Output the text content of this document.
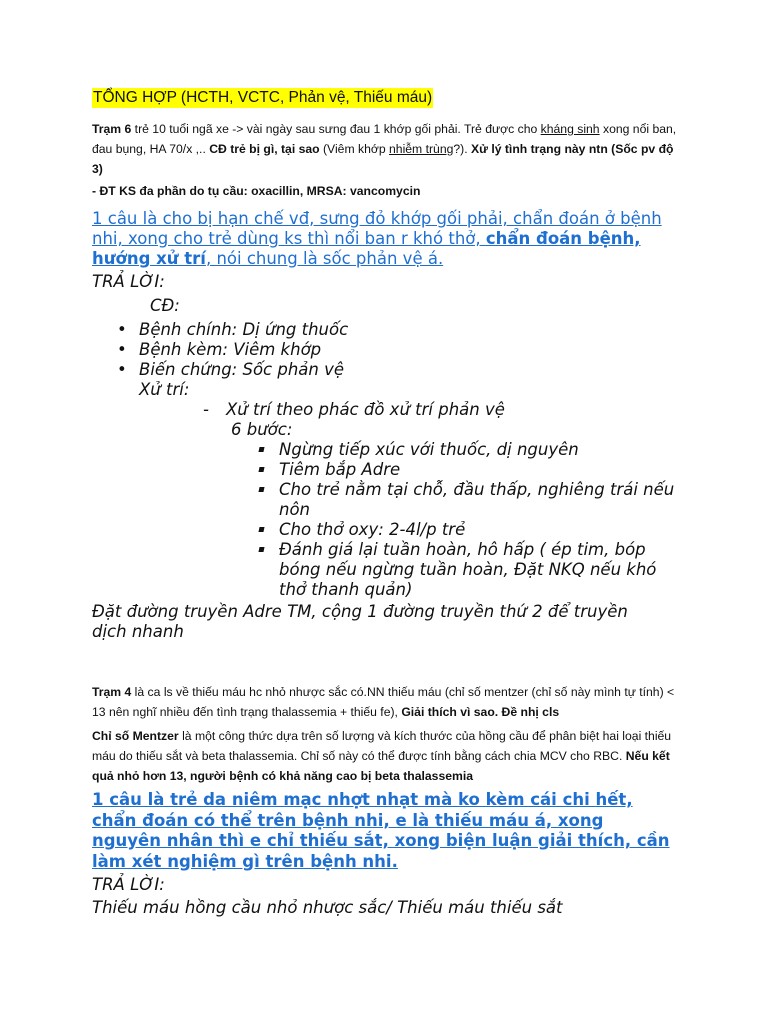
TỔNG HỢP (HCTH, VCTC, Phản vệ, Thiếu máu)
Trạm 6 trẻ 10 tuổi ngã xe -> vài ngày sau sưng đau 1 khớp gối phải. Trẻ được cho kháng sinh xong nổi ban, đau bụng, HA 70/x ,.. CĐ trẻ bị gì, tại sao (Viêm khớp nhiễm trùng?). Xử lý tình trạng này ntn (Sốc pv độ 3)
- ĐT KS đa phần do tụ cầu: oxacillin, MRSA: vancomycin
1 câu là cho bị hạn chế vđ, sưng đỏ khớp gối phải, chẩn đoán ở bệnh nhi, xong cho trẻ dùng ks thì nổi ban r khó thở, chẩn đoán bệnh, hướng xử trí, nói chung là sốc phản vệ á.
TRẢ LỜI:
CĐ:
• Bệnh chính: Dị ứng thuốc
• Bệnh kèm: Viêm khớp
• Biến chứng: Sốc phản vệ
Xử trí:
- Xử trí theo phác đồ xử trí phản vệ
6 bước:
Ngừng tiếp xúc với thuốc, dị nguyên
Tiêm bắp Adre
Cho trẻ nằm tại chỗ, đầu thấp, nghiêng trái nếu nôn
Cho thở oxy: 2-4l/p trẻ
Đánh giá lại tuần hoàn, hô hấp ( ép tim, bóp bóng nếu ngừng tuần hoàn, Đặt NKQ nếu khó thở thanh quản)
Đặt đường truyền Adre TM, cộng 1 đường truyền thứ 2 để truyền dịch nhanh
Trạm 4 là ca ls về thiếu máu hc nhỏ nhược sắc có.NN thiếu máu (chỉ số mentzer (chỉ số này mình tự tính) < 13 nên nghĩ nhiều đến tình trạng thalassemia + thiếu fe), Giải thích vì sao. Đề nhị cls
Chỉ số Mentzer là một công thức dựa trên số lượng và kích thước của hồng cầu để phân biệt hai loại thiếu máu do thiếu sắt và beta thalassemia. Chỉ số này có thể được tính bằng cách chia MCV cho RBC. Nếu kết quả nhỏ hơn 13, người bệnh có khả năng cao bị beta thalassemia
1 câu là trẻ da niêm mạc nhợt nhạt mà ko kèm cái chi hết, chẩn đoán có thể trên bệnh nhi, e là thiếu máu á, xong nguyên nhân thì e chỉ thiếu sắt, xong biện luận giải thích, cần làm xét nghiệm gì trên bệnh nhi.
TRẢ LỜI:
Thiếu máu hồng cầu nhỏ nhược sắc/ Thiếu máu thiếu sắt
